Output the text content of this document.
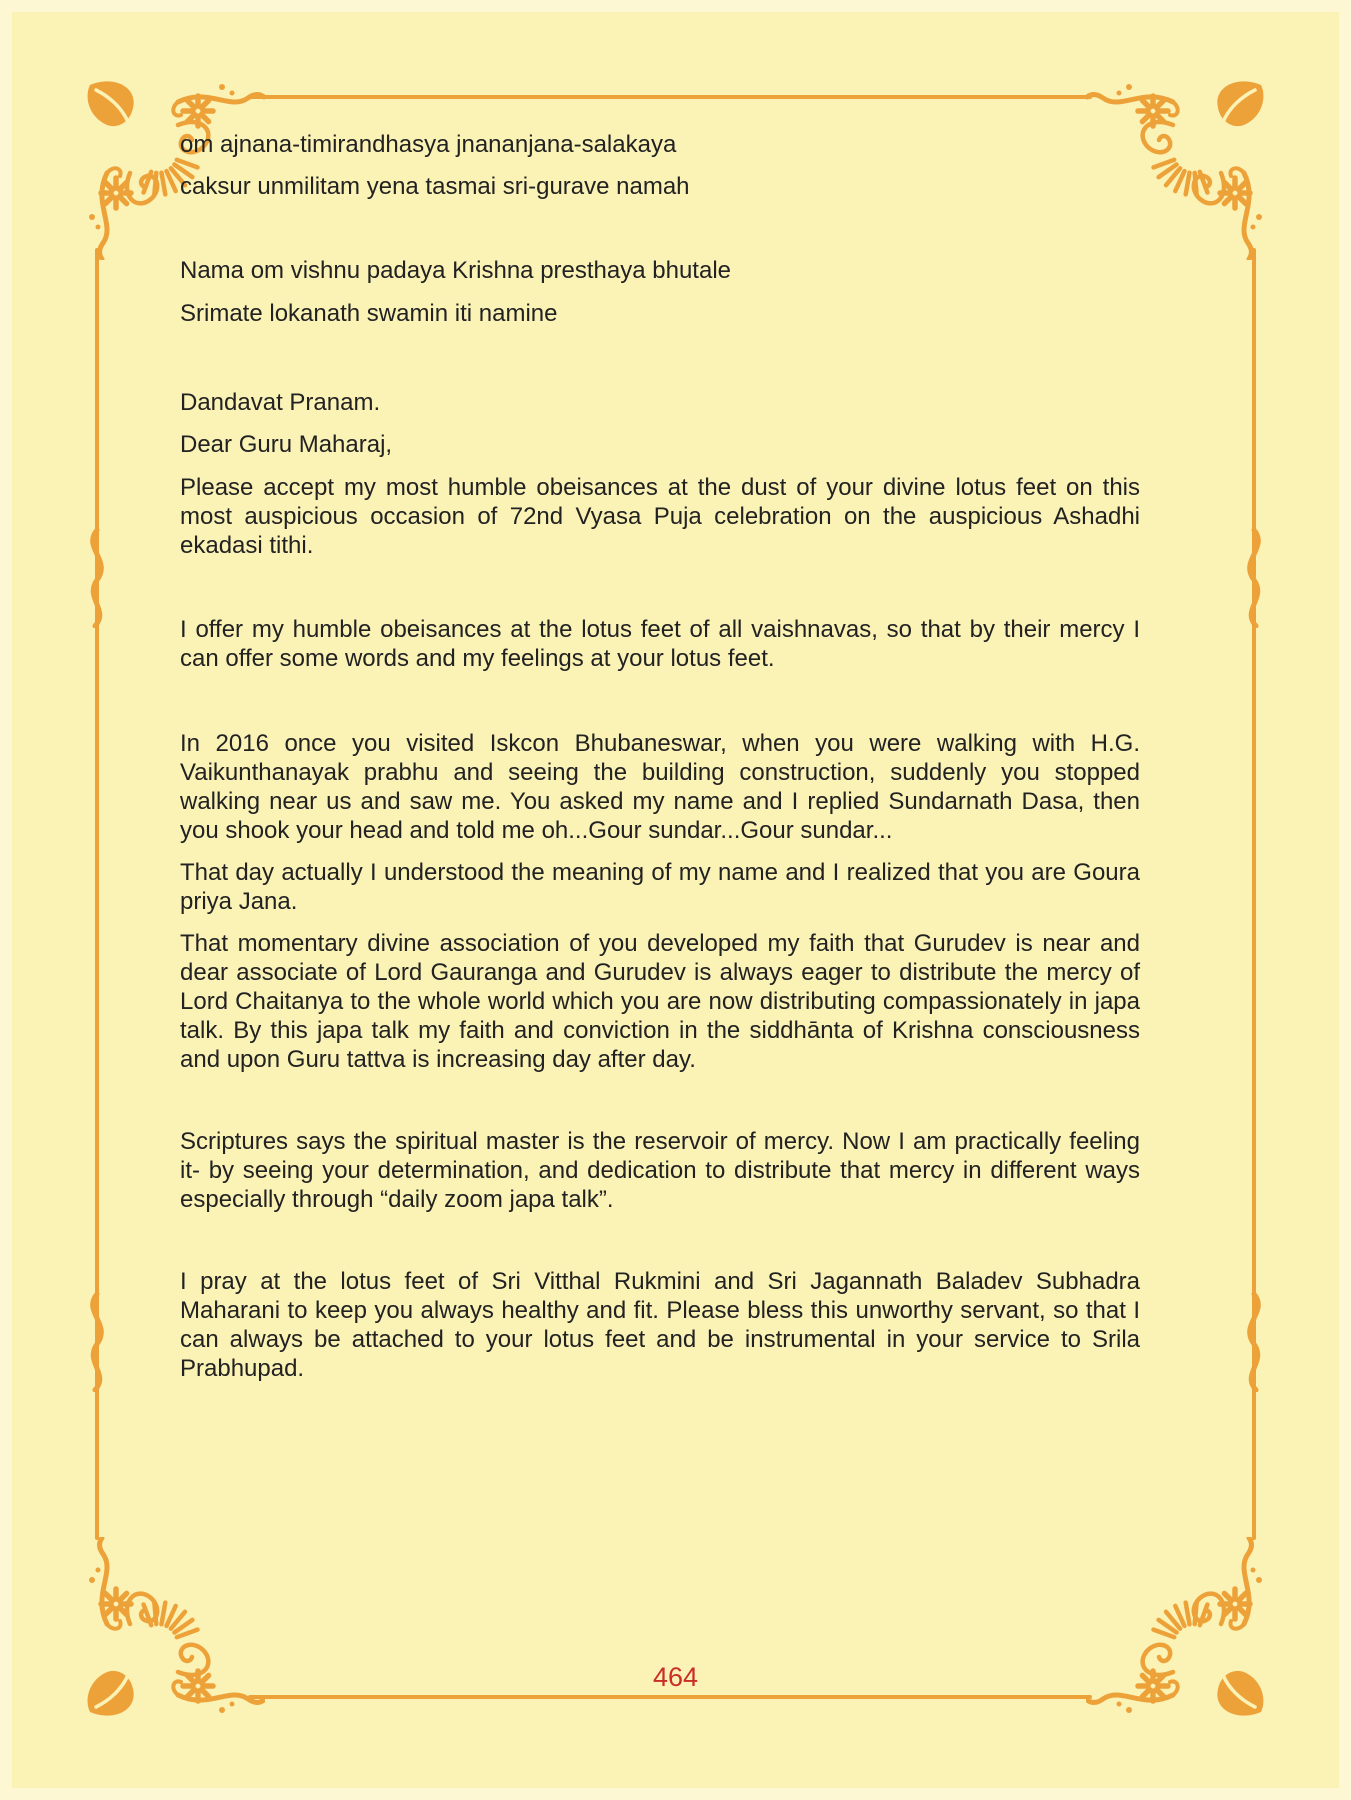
om ajnana-timirandhasya jnananjana-salakaya

caksur unmilitam yena tasmai sri-gurave namah

Nama om vishnu padaya Krishna presthaya bhutale

Srimate lokanath swamin iti namine

Dandavat Pranam.

Dear Guru Maharaj,

Please accept my most humble obeisances at the dust of your divine lotus feet on this most auspicious occasion of 72nd Vyasa Puja celebration on the auspicious Ashadhi ekadasi tithi.

I offer my humble obeisances at the lotus feet of all vaishnavas, so that by their mercy I can offer some words and my feelings at your lotus feet.

In 2016 once you visited Iskcon Bhubaneswar, when you were walking with H.G. Vaikunthanayak prabhu and seeing the building construction, suddenly you stopped walking near us and saw me. You asked my name and I replied Sundarnath Dasa, then you shook your head and told me oh...Gour sundar...Gour sundar...

That day actually I understood the meaning of my name and I realized that you are Goura priya Jana.

That momentary divine association of you developed my faith that Gurudev is near and dear associate of Lord Gauranga and Gurudev is always eager to distribute the mercy of Lord Chaitanya to the whole world which you are now distributing compassionately in japa talk. By this japa talk my faith and conviction in the siddhānta of Krishna consciousness and upon Guru tattva is increasing day after day.

Scriptures says the spiritual master is the reservoir of mercy. Now I am practically feeling it- by seeing your determination, and dedication to distribute that mercy in different ways especially through “daily zoom japa talk”.

I pray at the lotus feet of Sri Vitthal Rukmini and Sri Jagannath Baladev Subhadra Maharani to keep you always healthy and fit. Please bless this unworthy servant, so that I can always be attached to your lotus feet and be instrumental in your service to Srila Prabhupad.

464
